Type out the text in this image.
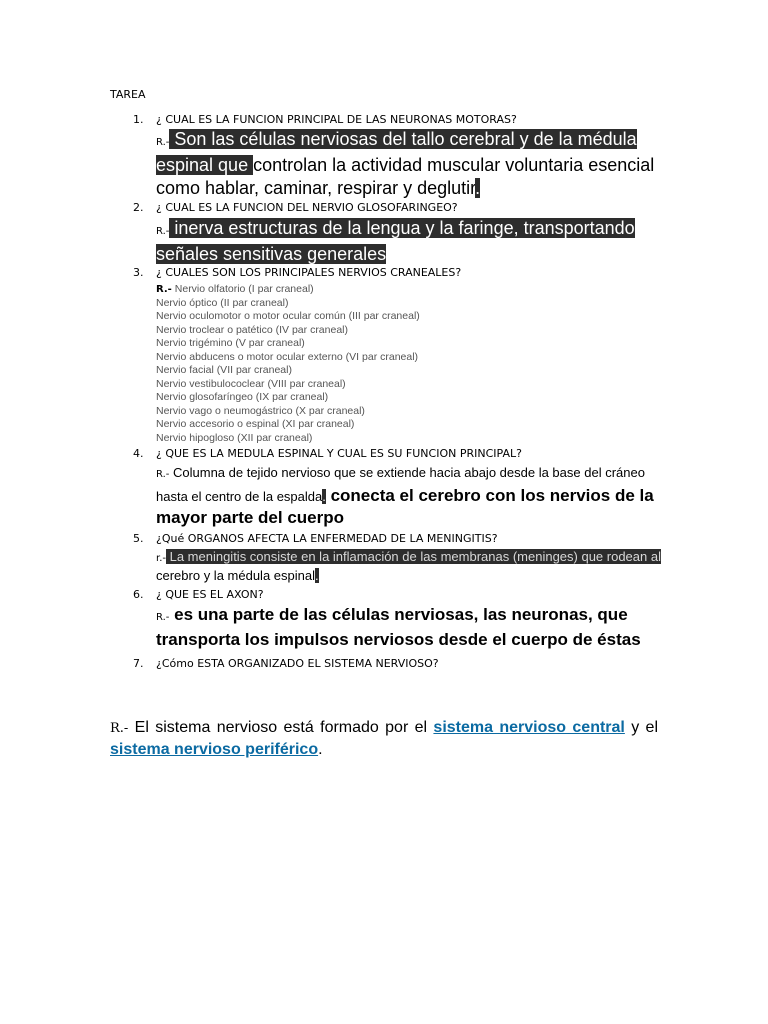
TAREA
1. ¿ CUAL ES LA FUNCION PRINCIPAL DE LAS NEURONAS MOTORAS?
R.- Son las células nerviosas del tallo cerebral y de la médula espinal que controlan la actividad muscular voluntaria esencial como hablar, caminar, respirar y deglutir.
2. ¿ CUAL ES LA FUNCION DEL NERVIO GLOSOFARINGEO?
R.- inerva estructuras de la lengua y la faringe, transportando señales sensitivas generales
3. ¿ CUALES SON LOS PRINCIPALES NERVIOS CRANEALES?
R.- Nervio olfatorio (I par craneal)
Nervio óptico (II par craneal)
Nervio oculomotor o motor ocular común (III par craneal)
Nervio troclear o patético (IV par craneal)
Nervio trigémino (V par craneal)
Nervio abducens o motor ocular externo (VI par craneal)
Nervio facial (VII par craneal)
Nervio vestibulococlear (VIII par craneal)
Nervio glosofaríngeo (IX par craneal)
Nervio vago o neumogástrico (X par craneal)
Nervio accesorio o espinal (XI par craneal)
Nervio hipogloso (XII par craneal)
4. ¿ QUE ES LA MEDULA ESPINAL Y CUAL ES SU FUNCION PRINCIPAL?
R.- Columna de tejido nervioso que se extiende hacia abajo desde la base del cráneo hasta el centro de la espalda. conecta el cerebro con los nervios de la mayor parte del cuerpo
5. ¿Qué ORGANOS AFECTA LA ENFERMEDAD DE LA MENINGITIS?
r.- La meningitis consiste en la inflamación de las membranas (meninges) que rodean al cerebro y la médula espinal.
6. ¿ QUE ES EL AXON?
R.- es una parte de las células nerviosas, las neuronas, que transporta los impulsos nerviosos desde el cuerpo de éstas
7. ¿Cómo ESTA ORGANIZADO EL SISTEMA NERVIOSO?
R.- El sistema nervioso está formado por el sistema nervioso central y el sistema nervioso periférico.
